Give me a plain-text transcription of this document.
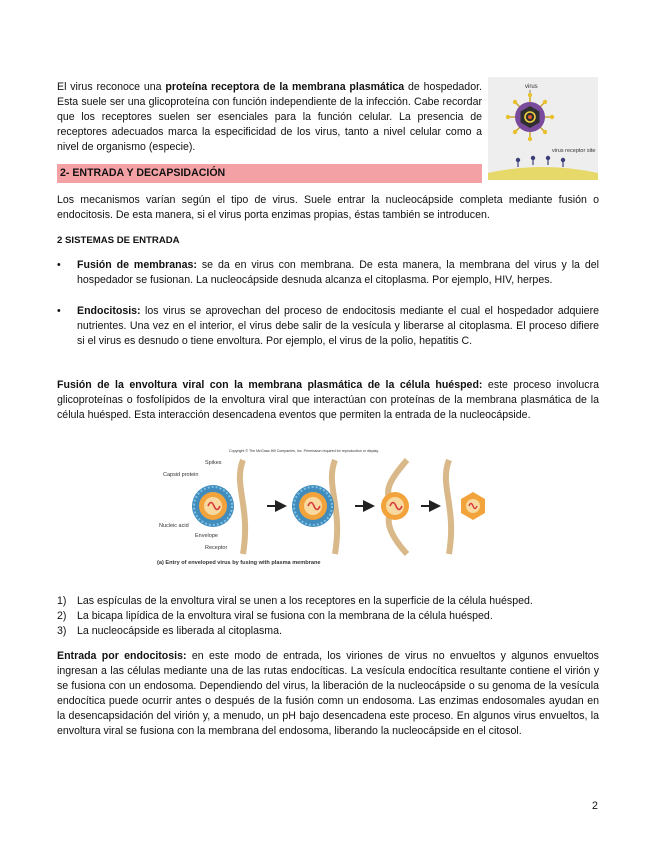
El virus reconoce una proteína receptora de la membrana plasmática de hospedador. Esta suele ser una glicoproteína con función independiente de la infección. Cabe recordar que los receptores suelen ser esenciales para la función celular. La presencia de receptores adecuados marca la especificidad de los virus, tanto a nivel celular como a nivel de organismo (especie).

virus
virus receptor site
2- ENTRADA Y DECAPSIDACIÓN

Los mecanismos varían según el tipo de virus. Suele entrar la nucleocápside completa mediante fusión o endocitosis. De esta manera, si el virus porta enzimas propias, éstas también se introducen.

2 SISTEMAS DE ENTRADA
•	Fusión de membranas: se da en virus con membrana. De esta manera, la membrana del virus y la del hospedador se fusionan. La nucleocápside desnuda alcanza el citoplasma. Por ejemplo, HIV, herpes.

•	Endocitosis: los virus se aprovechan del proceso de endocitosis mediante el cual el hospedador adquiere nutrientes. Una vez en el interior, el virus debe salir de la vesícula y liberarse al citoplasma. El proceso difiere si el virus es desnudo o tiene envoltura. Por ejemplo, el virus de la polio, hepatitis C.

Fusión de la envoltura viral con la membrana plasmática de la célula huésped: este proceso involucra glicoproteínas o fosfolípidos de la envoltura viral que interactúan con proteínas de la membrana plasmática de la célula huésped. Esta interacción desencadena eventos que permiten la entrada de la nucleocápside.

Copyright © The McGraw-Hill Companies, Inc. Permission required for reproduction or display.
Spikes
Capsid protein
Nucleic acid
Envelope
Receptor
(a) Entry of enveloped virus by fusing with plasma membrane
1) Las espículas de la envoltura viral se unen a los receptores en la superficie de la célula huésped.

2) La bicapa lipídica de la envoltura viral se fusiona con la membrana de la célula huésped.

3) La nucleocápside es liberada al citoplasma.

Entrada por endocitosis: en este modo de entrada, los viriones de virus no envueltos y algunos envueltos ingresan a las células mediante una de las rutas endocíticas. La vesícula endocítica resultante contiene el virión y se fusiona con un endosoma. Dependiendo del virus, la liberación de la nucleocápside o su genoma de la vesícula endocítica puede ocurrir antes o después de la fusión comn un endosoma. Las enzimas endosomales ayudan en la desencapsidación del virión y, a menudo, un pH bajo desencadena este proceso. En algunos virus envueltos, la envoltura viral se fusiona con la membrana del endosoma, liberando la nucleocápside en el citosol.

2
